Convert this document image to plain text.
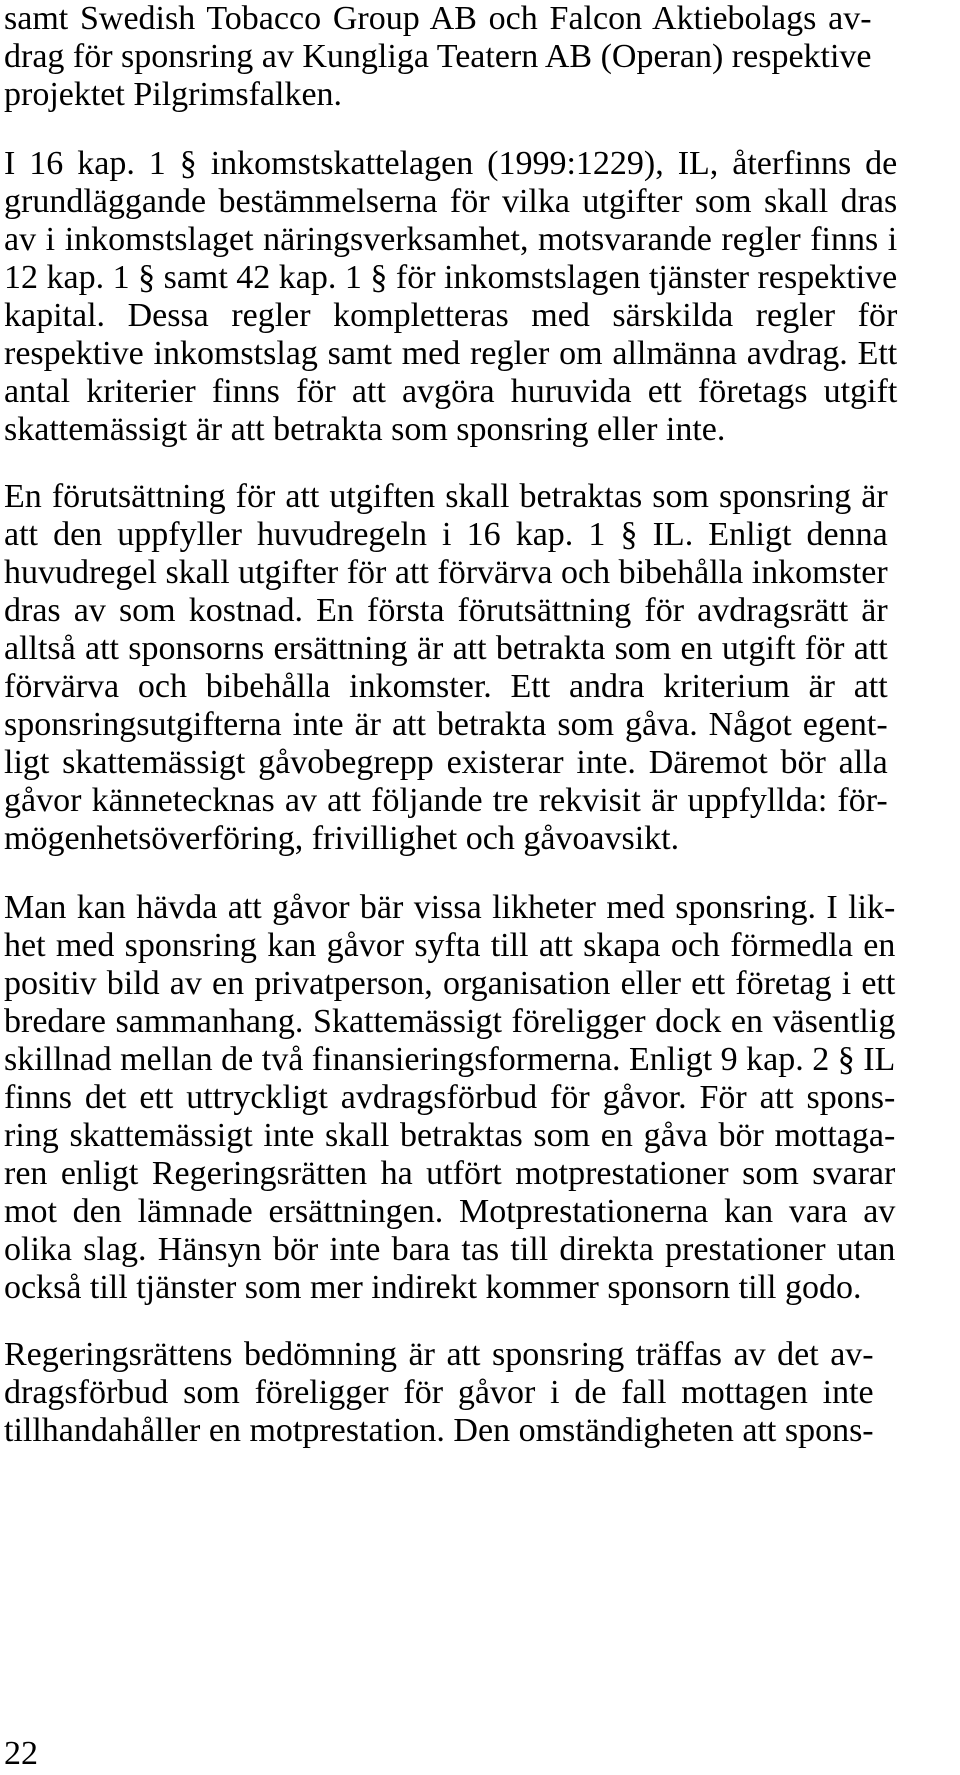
samt Swedish Tobacco Group AB och Falcon Aktiebolags av-
drag för sponsring av Kungliga Teatern AB (Operan) respektive
projektet Pilgrimsfalken.

I 16 kap. 1 § inkomstskattelagen (1999:1229), IL, återfinns de
grundläggande bestämmelserna för vilka utgifter som skall dras
av i inkomstslaget näringsverksamhet, motsvarande regler finns i
12 kap. 1 § samt 42 kap. 1 § för inkomstslagen tjänster respektive
kapital. Dessa regler kompletteras med särskilda regler för
respektive inkomstslag samt med regler om allmänna avdrag. Ett
antal kriterier finns för att avgöra huruvida ett företags utgift
skattemässigt är att betrakta som sponsring eller inte.

En förutsättning för att utgiften skall betraktas som sponsring är
att den uppfyller huvudregeln i 16 kap. 1 § IL. Enligt denna
huvudregel skall utgifter för att förvärva och bibehålla inkomster
dras av som kostnad. En första förutsättning för avdragsrätt är
alltså att sponsorns ersättning är att betrakta som en utgift för att
förvärva och bibehålla inkomster. Ett andra kriterium är att
sponsringsutgifterna inte är att betrakta som gåva. Något egent-
ligt skattemässigt gåvobegrepp existerar inte. Däremot bör alla
gåvor kännetecknas av att följande tre rekvisit är uppfyllda: för-
mögenhetsöverföring, frivillighet och gåvoavsikt.

Man kan hävda att gåvor bär vissa likheter med sponsring. I lik-
het med sponsring kan gåvor syfta till att skapa och förmedla en
positiv bild av en privatperson, organisation eller ett företag i ett
bredare sammanhang. Skattemässigt föreligger dock en väsentlig
skillnad mellan de två finansieringsformerna. Enligt 9 kap. 2 § IL
finns det ett uttryckligt avdragsförbud för gåvor. För att spons-
ring skattemässigt inte skall betraktas som en gåva bör mottaga-
ren enligt Regeringsrätten ha utfört motprestationer som svarar
mot den lämnade ersättningen. Motprestationerna kan vara av
olika slag. Hänsyn bör inte bara tas till direkta prestationer utan
också till tjänster som mer indirekt kommer sponsorn till godo.

Regeringsrättens bedömning är att sponsring träffas av det av-
dragsförbud som föreligger för gåvor i de fall mottagen inte
tillhandahåller en motprestation. Den omständigheten att spons-

22
